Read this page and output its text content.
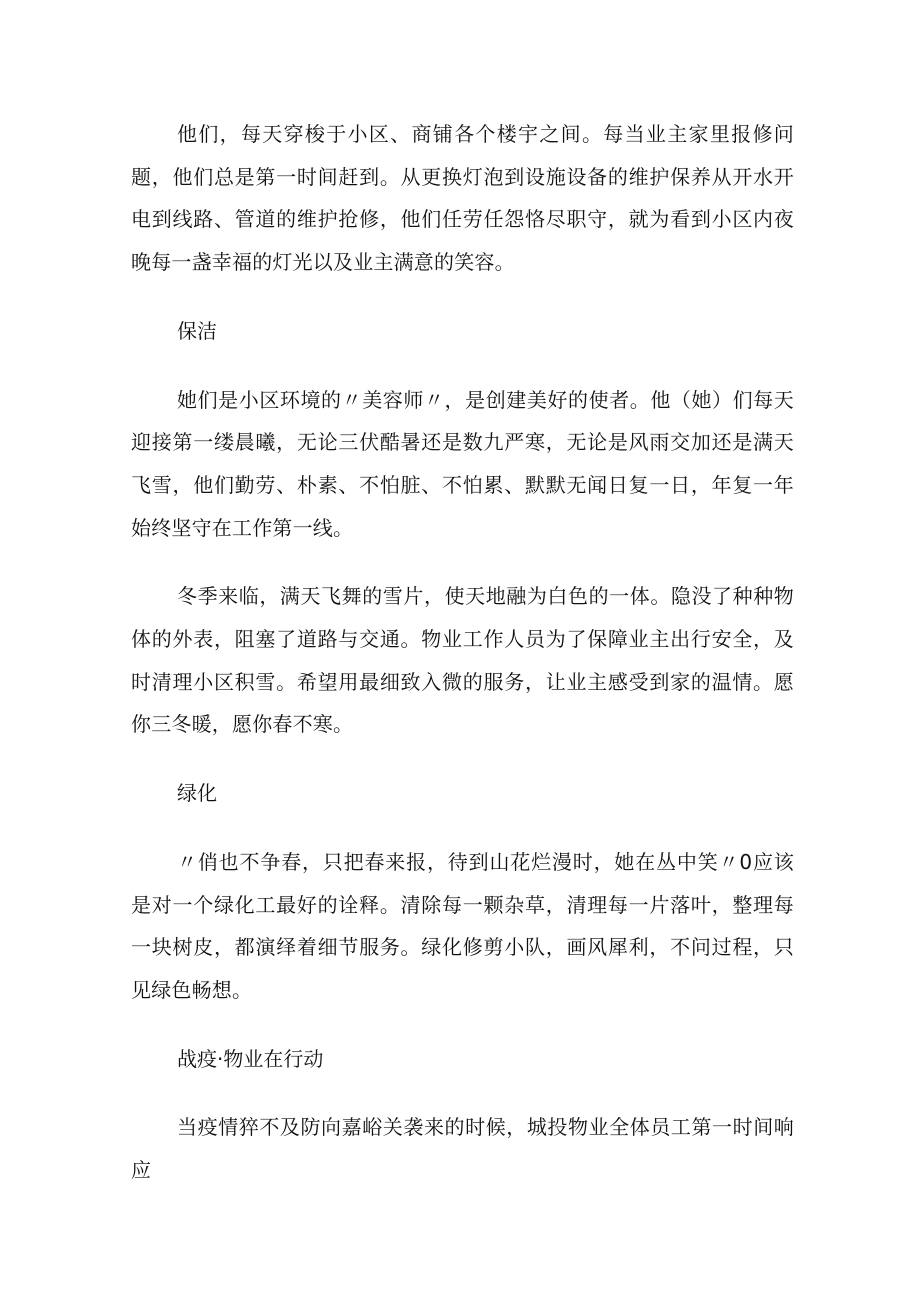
他们，每天穿梭于小区、商铺各个楼宇之间。每当业主家里报修问题，他们总是第一时间赶到。从更换灯泡到设施设备的维护保养从开水开电到线路、管道的维护抢修，他们任劳任怨恪尽职守，就为看到小区内夜晚每一盏幸福的灯光以及业主满意的笑容。

保洁

她们是小区环境的〃美容师〃，是创建美好的使者。他（她）们每天迎接第一缕晨曦，无论三伏酷暑还是数九严寒，无论是风雨交加还是满天飞雪，他们勤劳、朴素、不怕脏、不怕累、默默无闻日复一日，年复一年始终坚守在工作第一线。

冬季来临，满天飞舞的雪片，使天地融为白色的一体。隐没了种种物体的外表，阻塞了道路与交通。物业工作人员为了保障业主出行安全，及时清理小区积雪。希望用最细致入微的服务，让业主感受到家的温情。愿你三冬暖，愿你春不寒。

绿化

〃俏也不争春，只把春来报，待到山花烂漫时，她在丛中笑〃0应该是对一个绿化工最好的诠释。清除每一颗杂草，清理每一片落叶，整理每一块树皮，都演绎着细节服务。绿化修剪小队，画风犀利，不问过程，只见绿色畅想。

战疫·物业在行动

当疫情猝不及防向嘉峪关袭来的时候，城投物业全体员工第一时间响应
